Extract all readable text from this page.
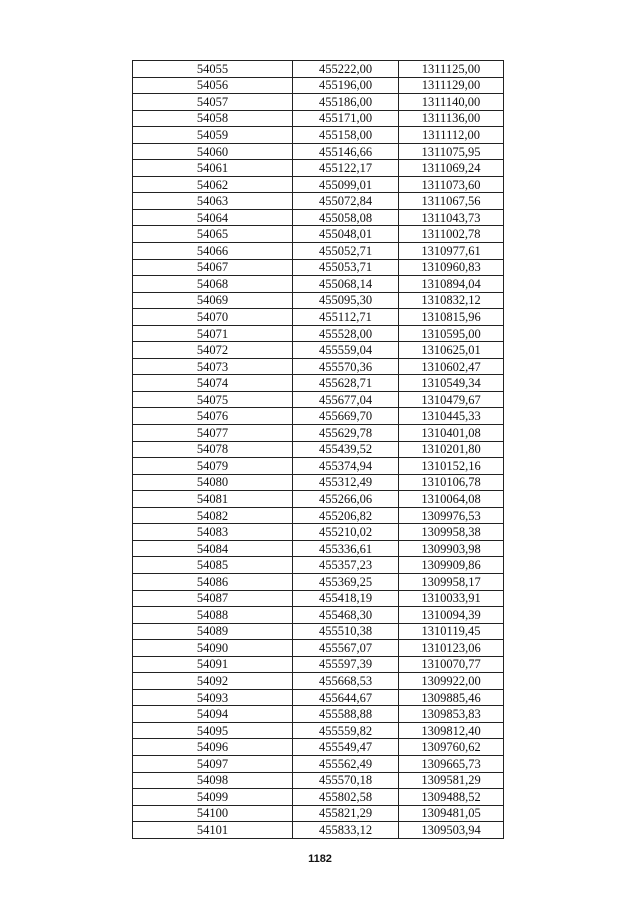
54055	455222,00	1311125,00
54056	455196,00	1311129,00
54057	455186,00	1311140,00
54058	455171,00	1311136,00
54059	455158,00	1311112,00
54060	455146,66	1311075,95
54061	455122,17	1311069,24
54062	455099,01	1311073,60
54063	455072,84	1311067,56
54064	455058,08	1311043,73
54065	455048,01	1311002,78
54066	455052,71	1310977,61
54067	455053,71	1310960,83
54068	455068,14	1310894,04
54069	455095,30	1310832,12
54070	455112,71	1310815,96
54071	455528,00	1310595,00
54072	455559,04	1310625,01
54073	455570,36	1310602,47
54074	455628,71	1310549,34
54075	455677,04	1310479,67
54076	455669,70	1310445,33
54077	455629,78	1310401,08
54078	455439,52	1310201,80
54079	455374,94	1310152,16
54080	455312,49	1310106,78
54081	455266,06	1310064,08
54082	455206,82	1309976,53
54083	455210,02	1309958,38
54084	455336,61	1309903,98
54085	455357,23	1309909,86
54086	455369,25	1309958,17
54087	455418,19	1310033,91
54088	455468,30	1310094,39
54089	455510,38	1310119,45
54090	455567,07	1310123,06
54091	455597,39	1310070,77
54092	455668,53	1309922,00
54093	455644,67	1309885,46
54094	455588,88	1309853,83
54095	455559,82	1309812,40
54096	455549,47	1309760,62
54097	455562,49	1309665,73
54098	455570,18	1309581,29
54099	455802,58	1309488,52
54100	455821,29	1309481,05
54101	455833,12	1309503,94
1182
